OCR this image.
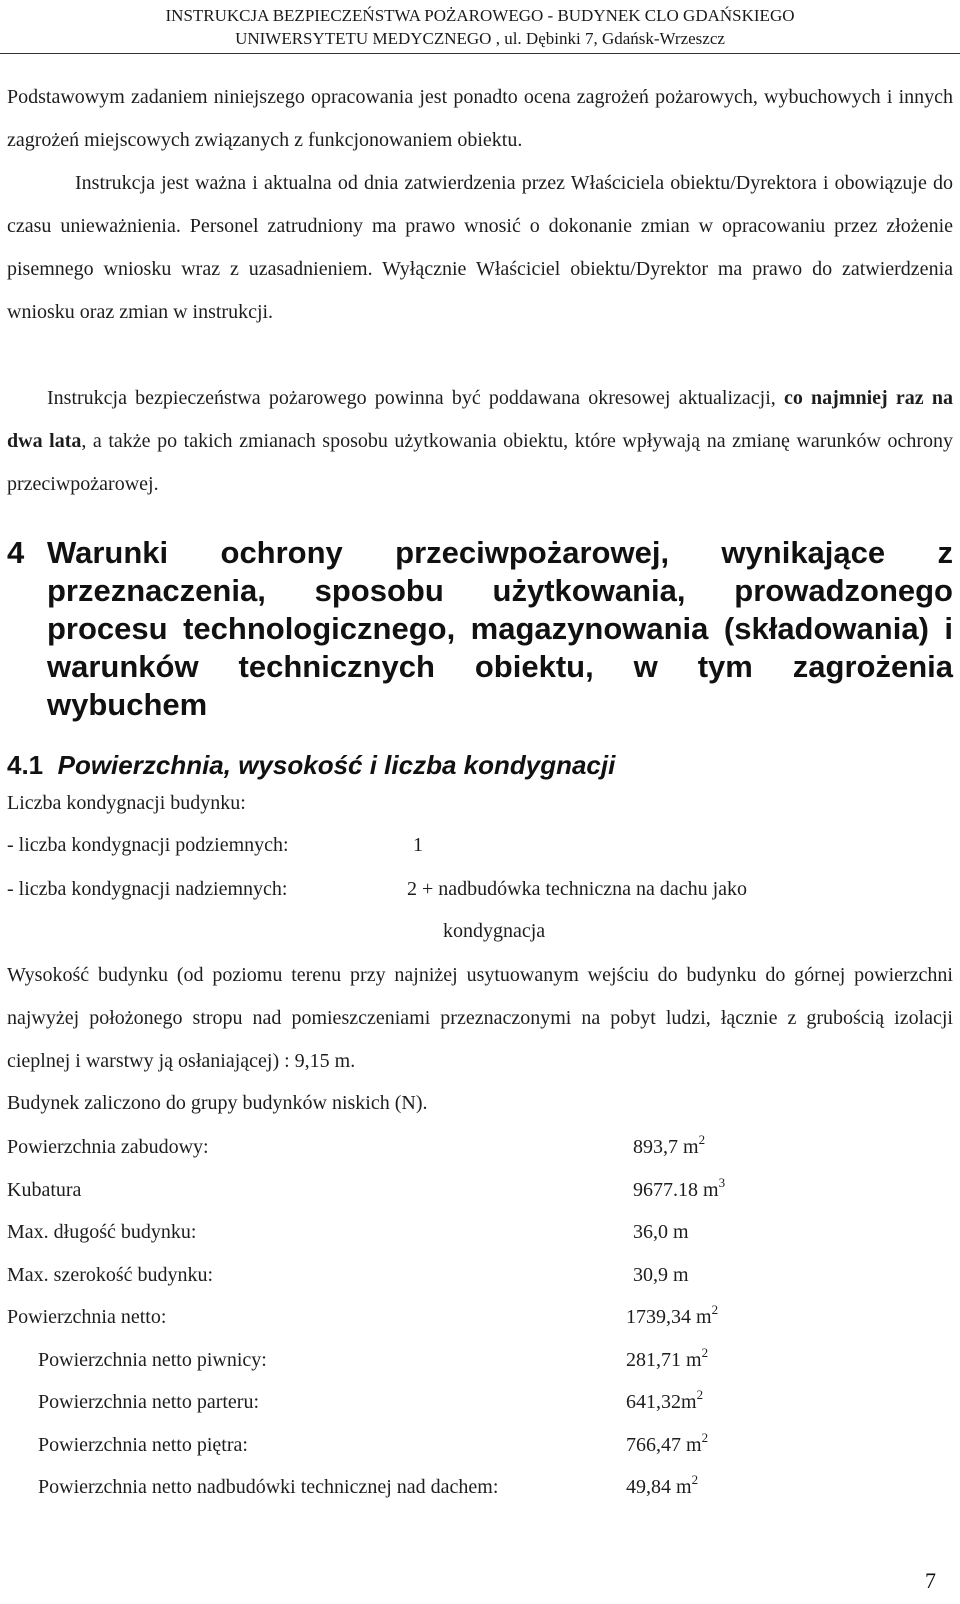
INSTRUKCJA BEZPIECZEŃSTWA POŻAROWEGO - BUDYNEK CLO GDAŃSKIEGO
UNIWERSYTETU MEDYCZNEGO , ul. Dębinki 7, Gdańsk-Wrzeszcz

Podstawowym zadaniem niniejszego opracowania jest ponadto ocena zagrożeń pożarowych, wybuchowych i innych zagrożeń miejscowych związanych z funkcjonowaniem obiektu.

Instrukcja jest ważna i aktualna od dnia zatwierdzenia przez Właściciela obiektu/Dyrektora i obowiązuje do czasu unieważnienia. Personel zatrudniony ma prawo wnosić o dokonanie zmian w opracowaniu przez złożenie pisemnego wniosku wraz z uzasadnieniem. Wyłącznie Właściciel obiektu/Dyrektor ma prawo do zatwierdzenia wniosku oraz zmian w instrukcji.

Instrukcja bezpieczeństwa pożarowego powinna być poddawana okresowej aktualizacji, co najmniej raz na dwa lata, a także po takich zmianach sposobu użytkowania obiektu, które wpływają na zmianę warunków ochrony przeciwpożarowej.

4 Warunki ochrony przeciwpożarowej, wynikające z przeznaczenia, sposobu użytkowania, prowadzonego procesu technologicznego, magazynowania (składowania) i warunków technicznych obiektu, w tym zagrożenia wybuchem
4.1 Powierzchnia, wysokość i liczba kondygnacji
Liczba kondygnacji budynku:
- liczba kondygnacji podziemnych:	1
- liczba kondygnacji nadziemnych:	2 + nadbudówka techniczna na dachu jako
kondygnacja

Wysokość budynku (od poziomu terenu przy najniżej usytuowanym wejściu do budynku do górnej powierzchni najwyżej położonego stropu nad pomieszczeniami przeznaczonymi na pobyt ludzi, łącznie z grubością izolacji cieplnej i warstwy ją osłaniającej) : 9,15 m.

Budynek zaliczono do grupy budynków niskich (N).
Powierzchnia zabudowy:	893,7 $m^2$
Kubatura	9677.18 $m^3$
Max. długość budynku:	36,0 m
Max. szerokość budynku:	30,9 m
Powierzchnia netto:	1739,34 $m^2$
Powierzchnia netto piwnicy:	281,71 $m^2$
Powierzchnia netto parteru:	$641,32m^2$
Powierzchnia netto piętra:	766,47 $m^2$
Powierzchnia netto nadbudówki technicznej nad dachem:	49,84 $m^2$
7
